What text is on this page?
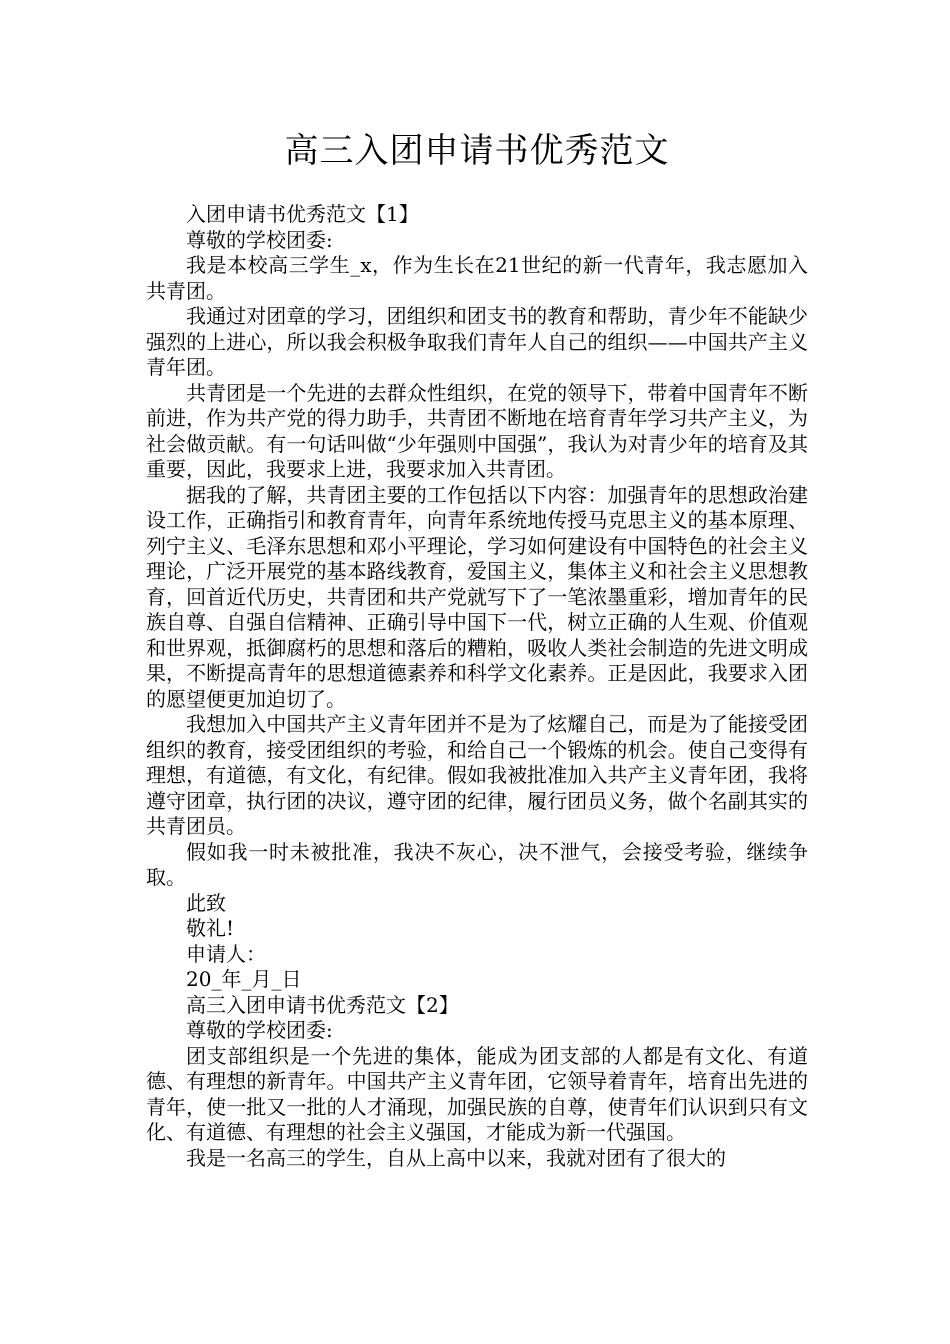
高三入团申请书优秀范文

入团申请书优秀范文【1】

尊敬的学校团委:

我是本校高三学生_x，作为生长在21世纪的新一代青年，我志愿加入共青团。

我通过对团章的学习，团组织和团支书的教育和帮助，青少年不能缺少强烈的上进心，所以我会积极争取我们青年人自己的组织——中国共产主义青年团。

共青团是一个先进的去群众性组织，在党的领导下，带着中国青年不断前进，作为共产党的得力助手，共青团不断地在培育青年学习共产主义，为社会做贡献。有一句话叫做“少年强则中国强”，我认为对青少年的培育及其重要，因此，我要求上进，我要求加入共青团。

据我的了解，共青团主要的工作包括以下内容：加强青年的思想政治建设工作，正确指引和教育青年，向青年系统地传授马克思主义的基本原理、列宁主义、毛泽东思想和邓小平理论，学习如何建设有中国特色的社会主义理论，广泛开展党的基本路线教育，爱国主义，集体主义和社会主义思想教育，回首近代历史，共青团和共产党就写下了一笔浓墨重彩，增加青年的民族自尊、自强自信精神、正确引导中国下一代，树立正确的人生观、价值观和世界观，抵御腐朽的思想和落后的糟粕，吸收人类社会制造的先进文明成果，不断提高青年的思想道德素养和科学文化素养。正是因此，我要求入团的愿望便更加迫切了。

我想加入中国共产主义青年团并不是为了炫耀自己，而是为了能接受团组织的教育，接受团组织的考验，和给自己一个锻炼的机会。使自己变得有理想，有道德，有文化，有纪律。假如我被批准加入共产主义青年团，我将遵守团章，执行团的决议，遵守团的纪律，履行团员义务，做个名副其实的共青团员。

假如我一时未被批准，我决不灰心，决不泄气，会接受考验，继续争取。

此致

敬礼!

申请人：

20_年_月_日

高三入团申请书优秀范文【2】

尊敬的学校团委:

团支部组织是一个先进的集体，能成为团支部的人都是有文化、有道德、有理想的新青年。中国共产主义青年团，它领导着青年，培育出先进的青年，使一批又一批的人才涌现，加强民族的自尊，使青年们认识到只有文化、有道德、有理想的社会主义强国，才能成为新一代强国。

我是一名高三的学生，自从上高中以来，我就对团有了很大的
